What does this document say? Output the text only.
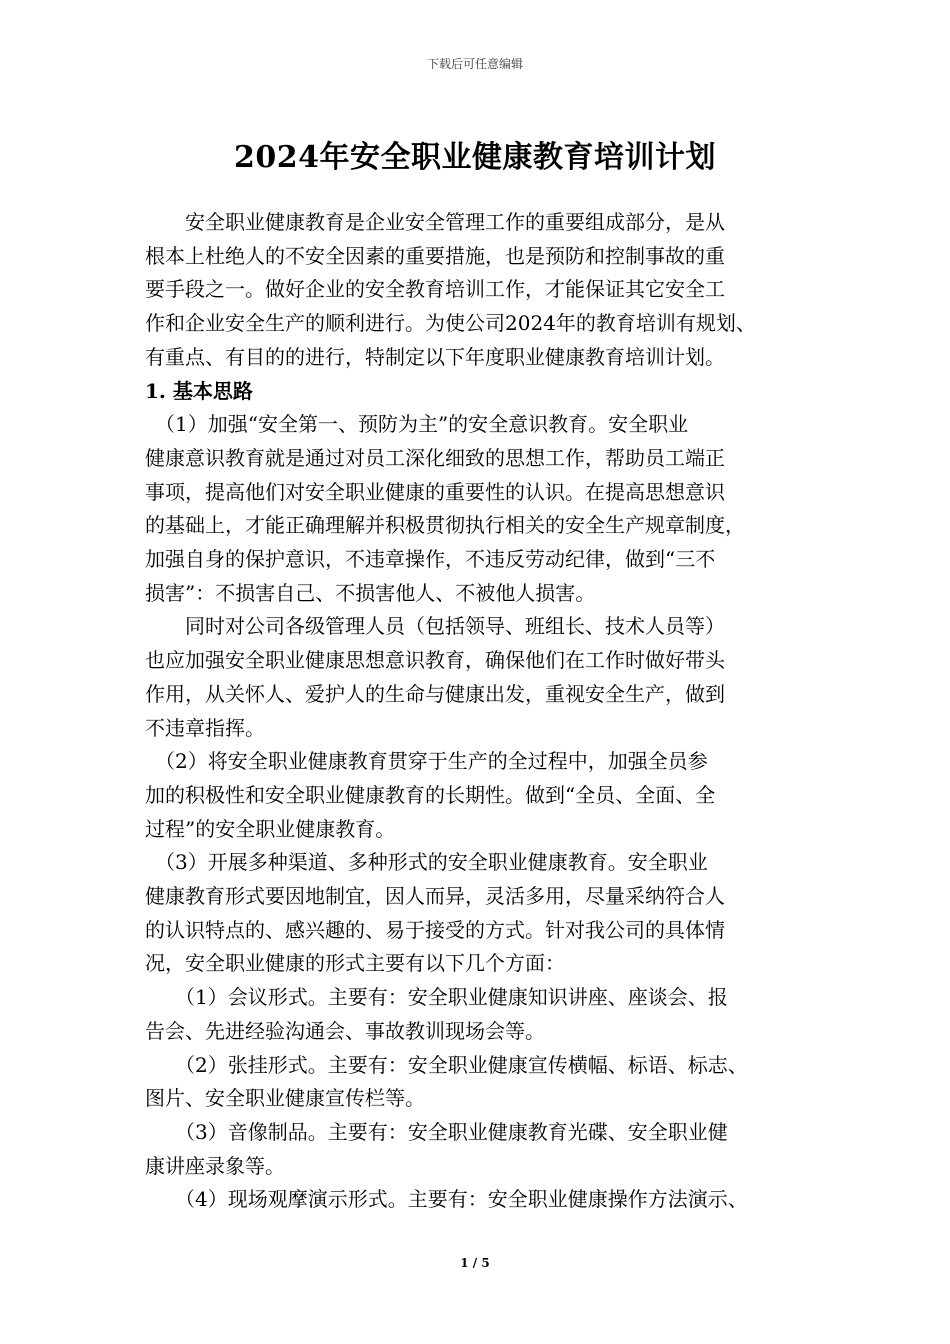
下载后可任意编辑
2024年安全职业健康教育培训计划

　　安全职业健康教育是企业安全管理工作的重要组成部分，是从

根本上杜绝人的不安全因素的重要措施，也是预防和控制事故的重

要手段之一。做好企业的安全教育培训工作，才能保证其它安全工

作和企业安全生产的顺利进行。为使公司2024年的教育培训有规划、

有重点、有目的的进行，特制定以下年度职业健康教育培训计划。

1. 基本思路

　（1）加强“安全第一、预防为主”的安全意识教育。安全职业

健康意识教育就是通过对员工深化细致的思想工作，帮助员工端正

事项，提高他们对安全职业健康的重要性的认识。在提高思想意识

的基础上，才能正确理解并积极贯彻执行相关的安全生产规章制度，

加强自身的保护意识，不违章操作，不违反劳动纪律，做到“三不

损害”：不损害自己、不损害他人、不被他人损害。

　　同时对公司各级管理人员（包括领导、班组长、技术人员等）

也应加强安全职业健康思想意识教育，确保他们在工作时做好带头

作用，从关怀人、爱护人的生命与健康出发，重视安全生产，做到

不违章指挥。

　（2）将安全职业健康教育贯穿于生产的全过程中，加强全员参

加的积极性和安全职业健康教育的长期性。做到“全员、全面、全

过程”的安全职业健康教育。

　（3）开展多种渠道、多种形式的安全职业健康教育。安全职业

健康教育形式要因地制宜，因人而异，灵活多用，尽量采纳符合人

的认识特点的、感兴趣的、易于接受的方式。针对我公司的具体情

况，安全职业健康的形式主要有以下几个方面：

　　（1）会议形式。主要有：安全职业健康知识讲座、座谈会、报

告会、先进经验沟通会、事故教训现场会等。

　　（2）张挂形式。主要有：安全职业健康宣传横幅、标语、标志、

图片、安全职业健康宣传栏等。

　　（3）音像制品。主要有：安全职业健康教育光碟、安全职业健

康讲座录象等。

　　（4）现场观摩演示形式。主要有：安全职业健康操作方法演示、

1 / 5
